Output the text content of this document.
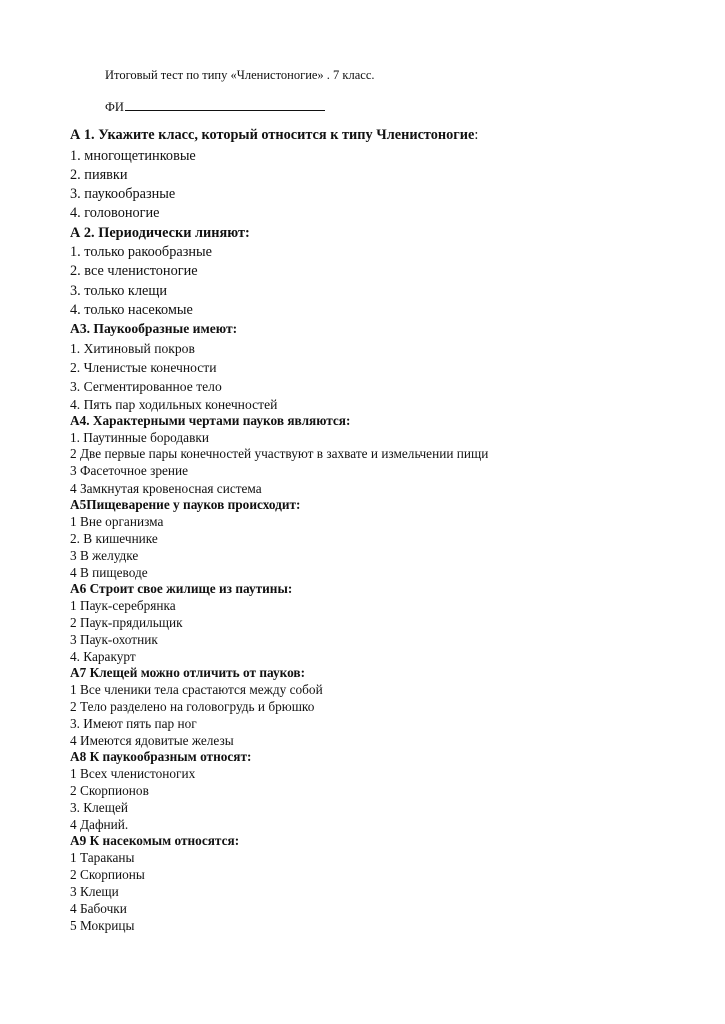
Итоговый тест по типу «Членистоногие» . 7 класс.
ФИ
А 1. Укажите класс, который относится к типу Членистоногие:
1. многощетинковые
2. пиявки
3. паукообразные
4. головоногие
А 2. Периодически линяют:
1. только ракообразные
2. все членистоногие
3. только клещи
4. только насекомые
А3. Паукообразные имеют:
1. Хитиновый покров
2. Членистые конечности
3. Сегментированное тело
4. Пять пар ходильных конечностей
А4. Характерными чертами пауков являются:
1. Паутинные бородавки
2 Две первые пары конечностей участвуют в захвате и измельчении пищи
3 Фасеточное зрение
4 Замкнутая кровеносная система
А5Пищеварение у пауков происходит:
1 Вне организма
2. В кишечнике
3 В желудке
4 В пищеводе
А6 Строит свое жилище из паутины:
1 Паук-серебрянка
2 Паук-прядильщик
3 Паук-охотник
4. Каракурт
А7 Клещей можно отличить от пауков:
1 Все членики тела срастаются между собой
2 Тело разделено на головогрудь и брюшко
3. Имеют пять пар ног
4 Имеются ядовитые железы
А8 К паукообразным относят:
1 Всех членистоногих
2 Скорпионов
3. Клещей
4 Дафний.
А9 К насекомым относятся:
1 Тараканы
2 Скорпионы
3 Клещи
4 Бабочки
5 Мокрицы
